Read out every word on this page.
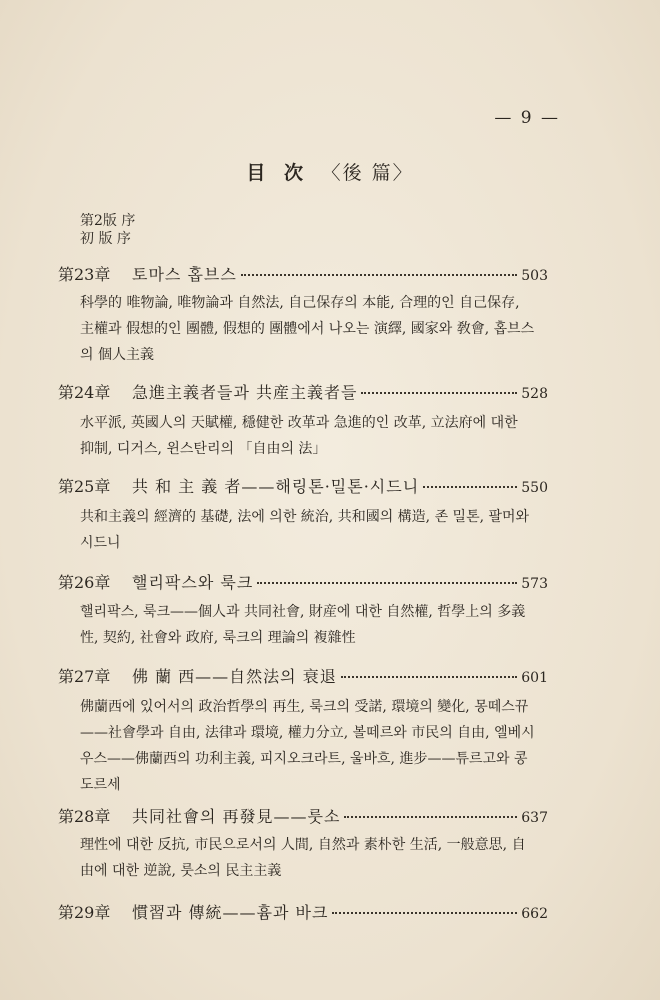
— 9 —
目 次 〈後 篇〉
第2版 序
初 版 序
第23章	토마스 홉브스	503
科學的 唯物論, 唯物論과 自然法, 自己保存의 本能, 合理的인 自己保存, 主權과 假想的인 團體, 假想的 團體에서 나오는 演繹, 國家와 敎會, 홉브스의 個人主義
第24章	急進主義者들과 共産主義者들	528
水平派, 英國人의 天賦權, 穩健한 改革과 急進的인 改革, 立法府에 대한 抑制, 디거스, 윈스탄리의 「自由의 法」
第25章	共 和 主 義 者——해링톤·밀톤·시드니	550
共和主義의 經濟的 基礎, 法에 의한 統治, 共和國의 構造, 존 밀톤, 팔머와 시드니
第26章	핼리팍스와 룩크	573
핼리팍스, 룩크——個人과 共同社會, 財産에 대한 自然權, 哲學上의 多義性, 契約, 社會와 政府, 룩크의 理論의 複雜性
第27章	佛 蘭 西——自然法의 衰退	601
佛蘭西에 있어서의 政治哲學의 再生, 룩크의 受諾, 環境의 變化, 몽떼스뀨——社會學과 自由, 法律과 環境, 權力分立, 볼떼르와 市民의 自由, 엘베시우스——佛蘭西의 功利主義, 피지오크라트, 울바흐, 進步——튜르고와 콩도르세
第28章	共同社會의 再發見——룻소	637
理性에 대한 反抗, 市民으로서의 人間, 自然과 素朴한 生活, 一般意思, 自由에 대한 逆說, 룻소의 民主主義
第29章	慣習과 傳統——흄과 바크	662
